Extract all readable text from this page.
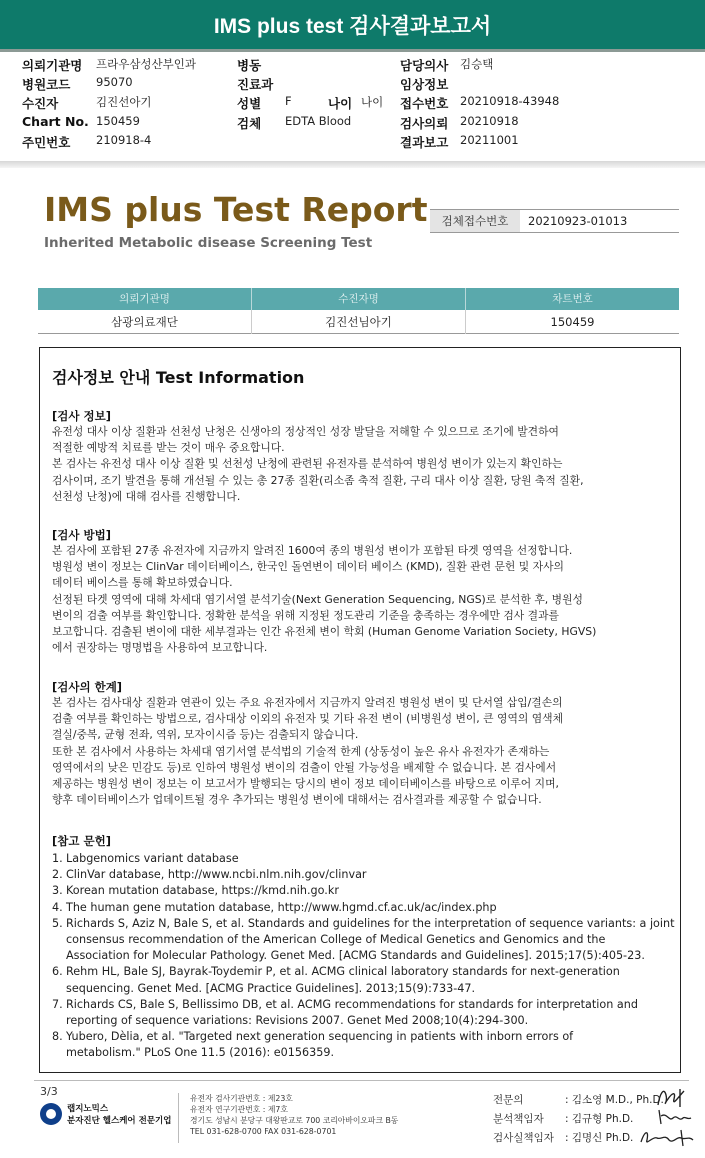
IMS plus test 검사결과보고서
의뢰기관명 프라우삼성산부인과	병동	담당의사 김승택
병원코드 95070	진료과	임상정보
수진자	김진선아기	성별 F	나이 나이 접수번호 20210918-43948
Chart No. 150459	검체 EDTA Blood	검사의뢰 20210918
주민번호 210918-4	결과보고 20211001
IMS plus Test Report
Inherited Metabolic disease Screening Test
검체접수번호	20210923-01013
의뢰기관명	수진자명	차트번호
삼광의료재단	김진선님아기	150459
검사정보 안내 Test Information
[검사 정보]
유전성 대사 이상 질환과 선천성 난청은 신생아의 정상적인 성장 발달을 저해할 수 있으므로 조기에 발견하여
적절한 예방적 치료를 받는 것이 매우 중요합니다.
본 검사는 유전성 대사 이상 질환 및 선천성 난청에 관련된 유전자를 분석하여 병원성 변이가 있는지 확인하는
검사이며, 조기 발견을 통해 개선될 수 있는 총 27종 질환(리소좀 축적 질환, 구리 대사 이상 질환, 당원 축적 질환,
선천성 난청)에 대해 검사를 진행합니다.
[검사 방법]
본 검사에 포함된 27종 유전자에 지금까지 알려진 1600여 종의 병원성 변이가 포함된 타겟 영역을 선정합니다.
병원성 변이 정보는 ClinVar 데이터베이스, 한국인 돌연변이 데이터 베이스 (KMD), 질환 관련 문헌 및 자사의
데이터 베이스를 통해 확보하였습니다.
선정된 타겟 영역에 대해 차세대 염기서열 분석기술(Next Generation Sequencing, NGS)로 분석한 후, 병원성
변이의 검출 여부를 확인합니다. 정확한 분석을 위해 지정된 정도관리 기준을 충족하는 경우에만 검사 결과를
보고합니다. 검출된 변이에 대한 세부결과는 인간 유전체 변이 학회 (Human Genome Variation Society, HGVS)
에서 권장하는 명명법을 사용하여 보고합니다.
[검사의 한계]
본 검사는 검사대상 질환과 연관이 있는 주요 유전자에서 지금까지 알려진 병원성 변이 및 단서열 삽입/결손의
검출 여부를 확인하는 방법으로, 검사대상 이외의 유전자 및 기타 유전 변이 (비병원성 변이, 큰 영역의 염색체
결실/중복, 균형 전좌, 역위, 모자이시즘 등)는 검출되지 않습니다.
또한 본 검사에서 사용하는 차세대 염기서열 분석법의 기술적 한계 (상동성이 높은 유사 유전자가 존재하는
영역에서의 낮은 민감도 등)로 인하여 병원성 변이의 검출이 안될 가능성을 배제할 수 없습니다. 본 검사에서
제공하는 병원성 변이 정보는 이 보고서가 발행되는 당시의 변이 정보 데이터베이스를 바탕으로 이루어 지며,
향후 데이터베이스가 업데이트될 경우 추가되는 병원성 변이에 대해서는 검사결과를 제공할 수 없습니다.
[참고 문헌]
1. Labgenomics variant database
2. ClinVar database, http://www.ncbi.nlm.nih.gov/clinvar
3. Korean mutation database, https://kmd.nih.go.kr
4. The human gene mutation database, http://www.hgmd.cf.ac.uk/ac/index.php
5. Richards S, Aziz N, Bale S, et al. Standards and guidelines for the interpretation of sequence variants: a joint
consensus recommendation of the American College of Medical Genetics and Genomics and the
Association for Molecular Pathology. Genet Med. [ACMG Standards and Guidelines]. 2015;17(5):405-23.
6. Rehm HL, Bale SJ, Bayrak-Toydemir P, et al. ACMG clinical laboratory standards for next-generation
sequencing. Genet Med. [ACMG Practice Guidelines]. 2013;15(9):733-47.
7. Richards CS, Bale S, Bellissimo DB, et al. ACMG recommendations for standards for interpretation and
reporting of sequence variations: Revisions 2007. Genet Med 2008;10(4):294-300.
8. Yubero, Dèlia, et al. "Targeted next generation sequencing in patients with inborn errors of
metabolism." PLoS One 11.5 (2016): e0156359.
3/3
랩지노믹스
분자진단 헬스케어 전문기업
유전자 검사기관번호 : 제23호
유전자 연구기관번호 : 제7호
경기도 성남시 분당구 대왕판교로 700 코리아바이오파크 B동
TEL 031-628-0700 FAX 031-628-0701
전문의	: 김소영 M.D., Ph.D.
분석책임자 : 김규형 Ph.D.
검사실책임자 : 김명신 Ph.D.
